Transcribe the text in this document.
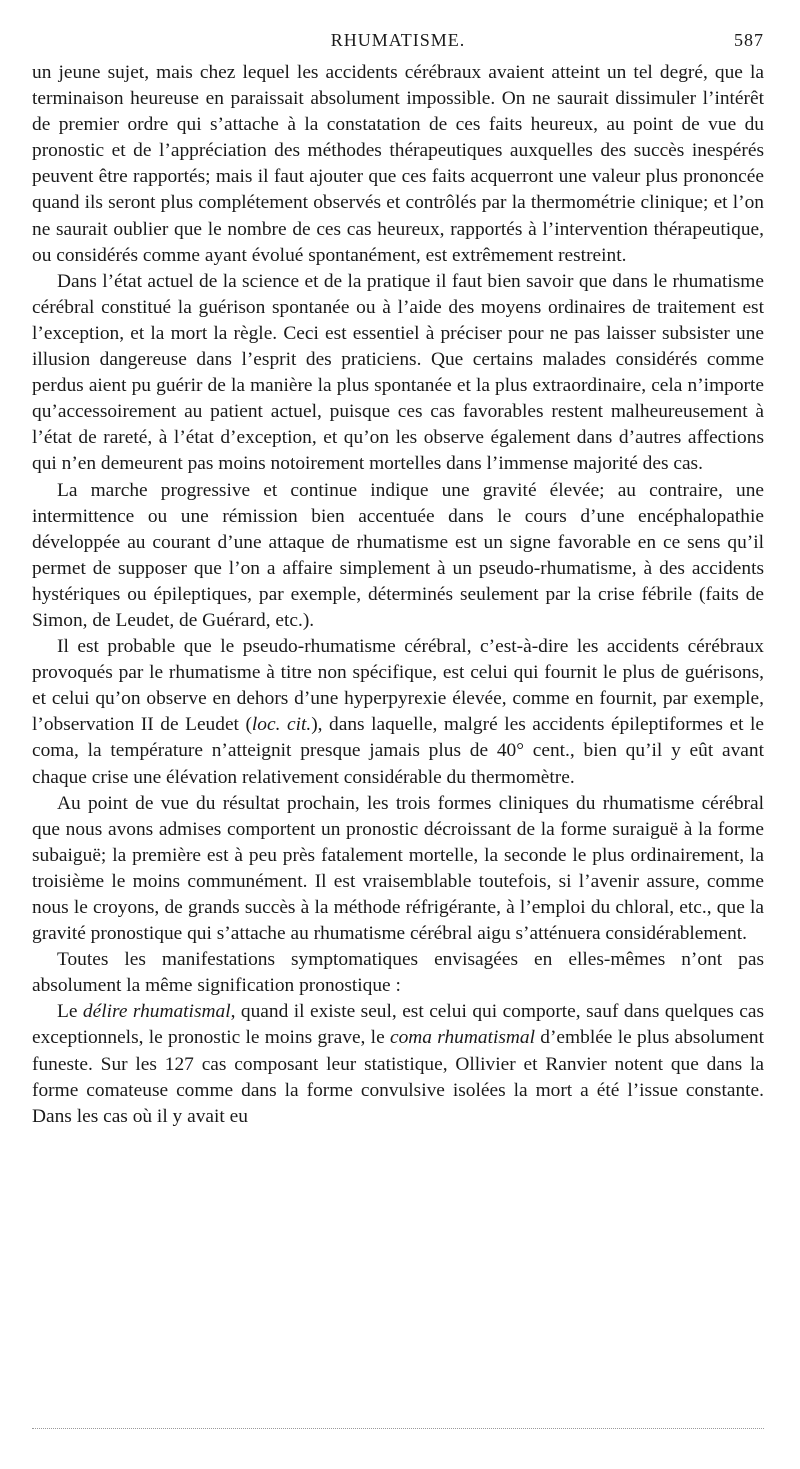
RHUMATISME.	587

un jeune sujet, mais chez lequel les accidents cérébraux avaient atteint un tel degré, que la terminaison heureuse en paraissait absolument impossible. On ne saurait dissimuler l’intérêt de premier ordre qui s’attache à la constatation de ces faits heureux, au point de vue du pronostic et de l’appréciation des méthodes thérapeutiques auxquelles des succès inespérés peuvent être rapportés; mais il faut ajouter que ces faits acquerront une valeur plus prononcée quand ils seront plus complétement observés et contrôlés par la thermométrie clinique; et l’on ne saurait oublier que le nombre de ces cas heureux, rapportés à l’intervention thérapeutique, ou considérés comme ayant évolué spontanément, est extrêmement restreint.

Dans l’état actuel de la science et de la pratique il faut bien savoir que dans le rhumatisme cérébral constitué la guérison spontanée ou à l’aide des moyens ordinaires de traitement est l’exception, et la mort la règle. Ceci est essentiel à préciser pour ne pas laisser subsister une illusion dangereuse dans l’esprit des praticiens. Que certains malades considérés comme perdus aient pu guérir de la manière la plus spontanée et la plus extraordinaire, cela n’importe qu’accessoirement au patient actuel, puisque ces cas favorables restent malheureusement à l’état de rareté, à l’état d’exception, et qu’on les observe également dans d’autres affections qui n’en demeurent pas moins notoirement mortelles dans l’immense majorité des cas.

La marche progressive et continue indique une gravité élevée; au contraire, une intermittence ou une rémission bien accentuée dans le cours d’une encéphalopathie développée au courant d’une attaque de rhumatisme est un signe favorable en ce sens qu’il permet de supposer que l’on a affaire simplement à un pseudo-rhumatisme, à des accidents hystériques ou épileptiques, par exemple, déterminés seulement par la crise fébrile (faits de Simon, de Leudet, de Guérard, etc.).

Il est probable que le pseudo-rhumatisme cérébral, c’est-à-dire les accidents cérébraux provoqués par le rhumatisme à titre non spécifique, est celui qui fournit le plus de guérisons, et celui qu’on observe en dehors d’une hyperpyrexie élevée, comme en fournit, par exemple, l’observation II de Leudet (loc. cit.), dans laquelle, malgré les accidents épileptiformes et le coma, la température n’atteignit presque jamais plus de 40° cent., bien qu’il y eût avant chaque crise une élévation relativement considérable du thermomètre.

Au point de vue du résultat prochain, les trois formes cliniques du rhumatisme cérébral que nous avons admises comportent un pronostic décroissant de la forme suraiguë à la forme subaiguë; la première est à peu près fatalement mortelle, la seconde le plus ordinairement, la troisième le moins communément. Il est vraisemblable toutefois, si l’avenir assure, comme nous le croyons, de grands succès à la méthode réfrigérante, à l’emploi du chloral, etc., que la gravité pronostique qui s’attache au rhumatisme cérébral aigu s’atténuera considérablement.

Toutes les manifestations symptomatiques envisagées en elles-mêmes n’ont pas absolument la même signification pronostique :

Le délire rhumatismal, quand il existe seul, est celui qui comporte, sauf dans quelques cas exceptionnels, le pronostic le moins grave, le coma rhumatismal d’emblée le plus absolument funeste. Sur les 127 cas composant leur statistique, Ollivier et Ranvier notent que dans la forme comateuse comme dans la forme convulsive isolées la mort a été l’issue constante. Dans les cas où il y avait eu
